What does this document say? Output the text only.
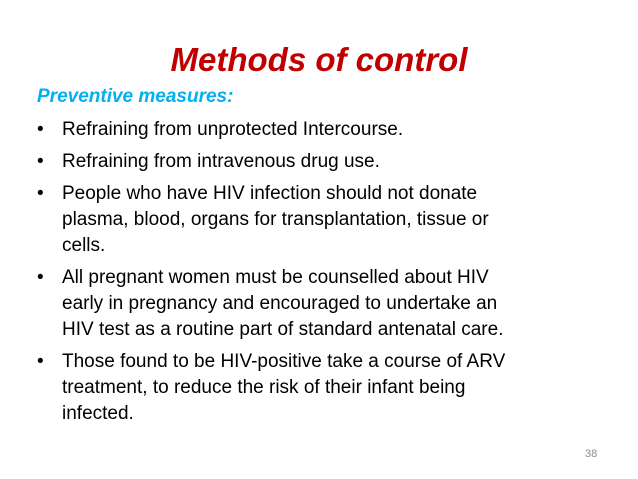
Methods of control
Preventive measures:
• Refraining from unprotected Intercourse.
• Refraining from intravenous drug use.
• People who have HIV infection should not donate
plasma, blood, organs for transplantation, tissue or
cells.
• All pregnant women must be counselled about HIV
early in pregnancy and encouraged to undertake an
HIV test as a routine part of standard antenatal care.
• Those found to be HIV-positive take a course of ARV
treatment, to reduce the risk of their infant being
infected.
38
